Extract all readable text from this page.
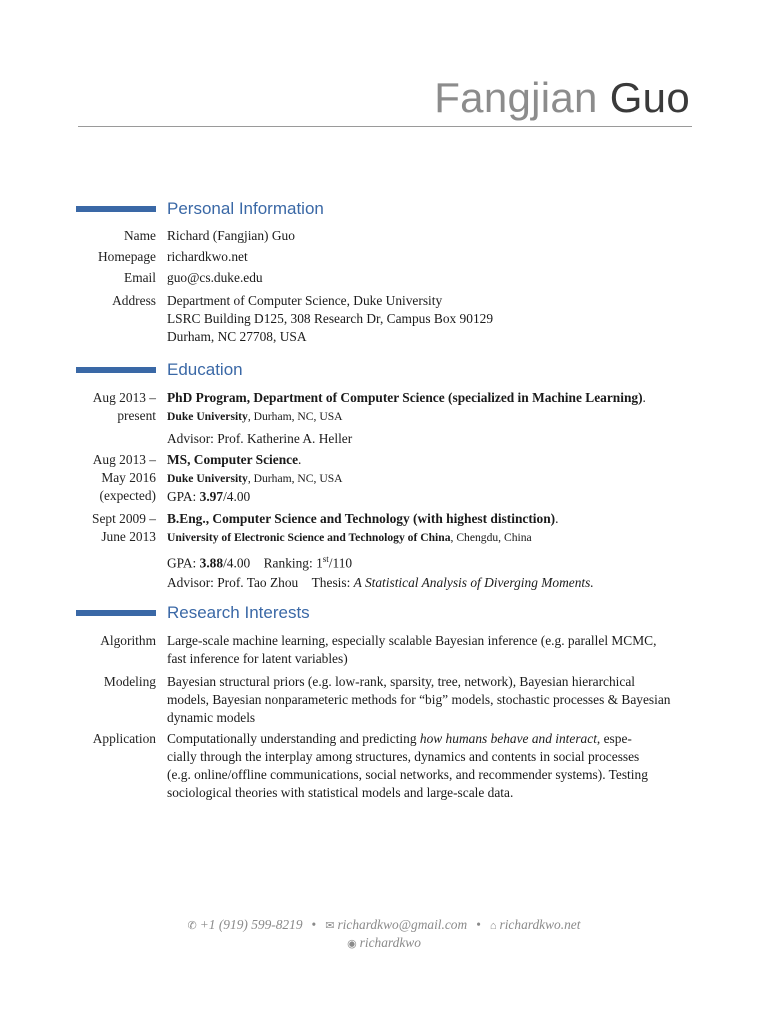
Fangjian Guo
Personal Information
Name Richard (Fangjian) Guo
Homepage richardkwo.net
Email guo@cs.duke.edu
Address Department of Computer Science, Duke University
LSRC Building D125, 308 Research Dr, Campus Box 90129
Durham, NC 27708, USA
Education
Aug 2013 –
present
PhD Program, Department of Computer Science (specialized in Machine Learning).
Duke University, Durham, NC, USA
Advisor: Prof. Katherine A. Heller
Aug 2013 –
May 2016
(expected)
MS, Computer Science.
Duke University, Durham, NC, USA
GPA: 3.97/4.00
Sept 2009 –
June 2013
B.Eng., Computer Science and Technology (with highest distinction).
University of Electronic Science and Technology of China, Chengdu, China
GPA: 3.88/4.00 Ranking: 1st/110
Advisor: Prof. Tao Zhou Thesis: A Statistical Analysis of Diverging Moments.
Research Interests
Algorithm Large-scale machine learning, especially scalable Bayesian inference (e.g. parallel MCMC,
fast inference for latent variables)
Modeling Bayesian structural priors (e.g. low-rank, sparsity, tree, network), Bayesian hierarchical
models, Bayesian nonparameteric methods for “big” models, stochastic processes & Bayesian
dynamic models
Application Computationally understanding and predicting how humans behave and interact, espe-
cially through the interplay among structures, dynamics and contents in social processes
(e.g. online/offline communications, social networks, and recommender systems). Testing
sociological theories with statistical models and large-scale data.
✆ +1 (919) 599-8219 • ✉ richardkwo@gmail.com • ⌂ richardkwo.net
◉ richardkwo
